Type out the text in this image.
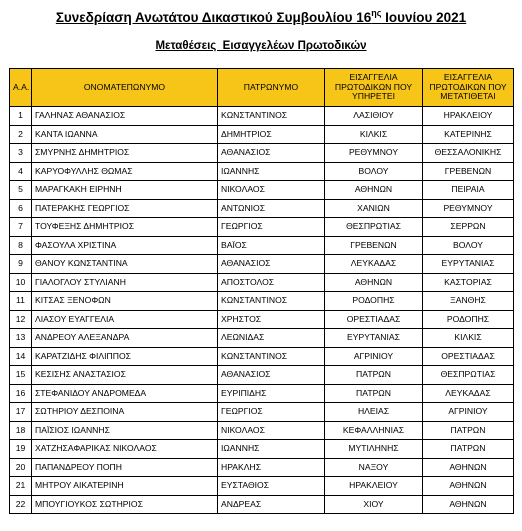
Συνεδρίαση Ανωτάτου Δικαστικού Συμβουλίου $16^{\eta\varsigma}$ Ιουνίου 2021
Μεταθέσεις  Εισαγγελέων Πρωτοδικών
Α.Α.	ΟΝΟΜΑΤΕΠΩΝΥΜΟ	ΠΑΤΡΩΝΥΜΟ	ΕΙΣΑΓΓΕΛΙΑ ΠΡΩΤΟΔΙΚΩΝ ΠΟΥ ΥΠΗΡΕΤΕΙ	ΕΙΣΑΓΓΕΛΙΑ ΠΡΩΤΟΔΙΚΩΝ ΠΟΥ ΜΕΤΑΤΙΘΕΤΑΙ
1	ΓΑΛΗΝΑΣ ΑΘΑΝΑΣΙΟΣ	ΚΩΝΣΤΑΝΤΙΝΟΣ	ΛΑΣΙΘΙΟΥ	ΗΡΑΚΛΕΙΟΥ
2	ΚΑΝΤΑ ΙΩΑΝΝΑ	ΔΗΜΗΤΡΙΟΣ	ΚΙΛΚΙΣ	ΚΑΤΕΡΙΝΗΣ
3	ΣΜΥΡΝΗΣ ΔΗΜΗΤΡΙΟΣ	ΑΘΑΝΑΣΙΟΣ	ΡΕΘΥΜΝΟΥ	ΘΕΣΣΑΛΟΝΙΚΗΣ
4	ΚΑΡΥΟΦΥΛΛΗΣ ΘΩΜΑΣ	ΙΩΑΝΝΗΣ	ΒΟΛΟΥ	ΓΡΕΒΕΝΩΝ
5	ΜΑΡΑΓΚΑΚΗ ΕΙΡΗΝΗ	ΝΙΚΟΛΑΟΣ	ΑΘΗΝΩΝ	ΠΕΙΡΑΙΑ
6	ΠΑΤΕΡΑΚΗΣ ΓΕΩΡΓΙΟΣ	ΑΝΤΩΝΙΟΣ	ΧΑΝΙΩΝ	ΡΕΘΥΜΝΟΥ
7	ΤΟΥΦΕΞΗΣ ΔΗΜΗΤΡΙΟΣ	ΓΕΩΡΓΙΟΣ	ΘΕΣΠΡΩΤΙΑΣ	ΣΕΡΡΩΝ
8	ΦΑΣΟΥΛΑ ΧΡΙΣΤΙΝΑ	ΒΑΪΟΣ	ΓΡΕΒΕΝΩΝ	ΒΟΛΟΥ
9	ΘΑΝΟΥ ΚΩΝΣΤΑΝΤΙΝΑ	ΑΘΑΝΑΣΙΟΣ	ΛΕΥΚΑΔΑΣ	ΕΥΡΥΤΑΝΙΑΣ
10	ΓΙΑΛΟΓΛΟΥ ΣΤΥΛΙΑΝΗ	ΑΠΟΣΤΟΛΟΣ	ΑΘΗΝΩΝ	ΚΑΣΤΟΡΙΑΣ
11	ΚΙΤΣΑΣ ΞΕΝΟΦΩΝ	ΚΩΝΣΤΑΝΤΙΝΟΣ	ΡΟΔΟΠΗΣ	ΞΑΝΘΗΣ
12	ΛΙΑΣΟΥ ΕΥΑΓΓΕΛΙΑ	ΧΡΗΣΤΟΣ	ΟΡΕΣΤΙΑΔΑΣ	ΡΟΔΟΠΗΣ
13	ΑΝΔΡΕΟΥ ΑΛΕΞΑΝΔΡΑ	ΛΕΩΝΙΔΑΣ	ΕΥΡΥΤΑΝΙΑΣ	ΚΙΛΚΙΣ
14	ΚΑΡΑΤΖΙΔΗΣ ΦΙΛΙΠΠΟΣ	ΚΩΝΣΤΑΝΤΙΝΟΣ	ΑΓΡΙΝΙΟΥ	ΟΡΕΣΤΙΑΔΑΣ
15	ΚΕΣΙΣΗΣ ΑΝΑΣΤΑΣΙΟΣ	ΑΘΑΝΑΣΙΟΣ	ΠΑΤΡΩΝ	ΘΕΣΠΡΩΤΙΑΣ
16	ΣΤΕΦΑΝΙΔΟΥ ΑΝΔΡΟΜΕΔΑ	ΕΥΡΙΠΙΔΗΣ	ΠΑΤΡΩΝ	ΛΕΥΚΑΔΑΣ
17	ΣΩΤΗΡΙΟΥ ΔΕΣΠΟΙΝΑ	ΓΕΩΡΓΙΟΣ	ΗΛΕΙΑΣ	ΑΓΡΙΝΙΟΥ
18	ΠΑΪΣΙΟΣ ΙΩΑΝΝΗΣ	ΝΙΚΟΛΑΟΣ	ΚΕΦΑΛΛΗΝΙΑΣ	ΠΑΤΡΩΝ
19	ΧΑΤΖΗΣΑΦΑΡΙΚΑΣ ΝΙΚΟΛΑΟΣ	ΙΩΑΝΝΗΣ	ΜΥΤΙΛΗΝΗΣ	ΠΑΤΡΩΝ
20	ΠΑΠΑΝΔΡΕΟΥ ΠΟΠΗ	ΗΡΑΚΛΗΣ	ΝΑΞΟΥ	ΑΘΗΝΩΝ
21	ΜΗΤΡΟΥ ΑΙΚΑΤΕΡΙΝΗ	ΕΥΣΤΑΘΙΟΣ	ΗΡΑΚΛΕΙΟΥ	ΑΘΗΝΩΝ
22	ΜΠΟΥΓΙΟΥΚΟΣ ΣΩΤΗΡΙΟΣ	ΑΝΔΡΕΑΣ	ΧΙΟΥ	ΑΘΗΝΩΝ
